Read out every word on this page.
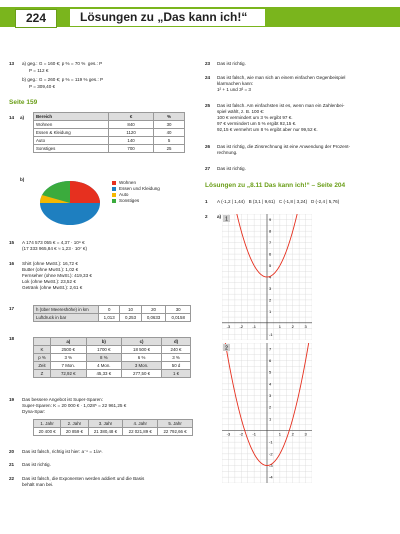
224	Lösungen zu „Das kann ich!“
13 a) geg.: G = 160 €; p % = 70 %  ges.: P
P = 112 €
b) geg.: G = 260 €; p % = 119 % ges.: P
P = 309,40 €
Seite 159
14 a)	Bereich	€	%
Wohnen	840	30
Essen & Kleidung	1120	40
Auto	140	5
Sonstiges	700	25
b)
Wohnen
Essen und Kleidung
Auto
Sonstiges
15 A 174 573 055 € = 4,37 · 10⁹ €
(17 333 965,84 € ≈ 1,23 · 10⁷ €)
16 Shirt (ohne MwSt.): 16,72 €
Butter (ohne MwSt.): 1,02 €
Fernseher (ohne MwSt.): 419,33 €
Lok (ohne MwSt.): 23,52 €
Getränk (ohne MwSt.): 2,61 €
17	h (über Meereshöhe) in km	0	10	20	30
Luftdruck in bar	1,013	0,253	0,0633	0,0158
18
	a)	b)	c)	d)
K	2500 €	1700 €	18 500 €	240 €
p %	3 %	8 %	6 %	3 %
Zeit	7 Mon.	4 Mon.	3 Mon.	50 d
Z	72,92 €	45,33 €	277,50 €	1 €
19 Das bessere Angebot ist Super-Sparen:
Super-Sparen: K = 20 000 € · 1,028⁵ = 22 961,25 €
Dyna-Spar:
1. Jahr	2. Jahr	3. Jahr	4. Jahr	5. Jahr
20 400 €	20 859 €	21 380,48 €	22 021,89 €	22 792,66 €
20 Das ist falsch, richtig ist hier: a⁻ⁿ = 1/aⁿ.
21 Das ist richtig.
22 Das ist falsch, die Exponenten werden addiert und die Basis
behält man bei.
23 Das ist richtig.
24 Das ist falsch, wie man sich an einem einfachen Gegenbeispiel
klarmachen kann:
1² + 1 und 3² = 3
25 Das ist falsch. Am einfachsten ist es, wenn man ein Zahlenbei-
spiel wählt, z. B. 100 €:
100 € vermindert um 3 % ergibt 97 €.
97 € vermindert um 5 % ergibt 92,15 €.
92,15 € vermehrt um 8 % ergibt aber nur 99,52 €.
26 Das ist richtig, die Zinsrechnung ist eine Anwendung der Prozent-
rechnung.
27 Das ist richtig.
Lösungen zu „8.11 Das kann ich!“ – Seite 204
1 A (-1,2 | 1,44)   B (3,1 | 9,61)   C (-1,8 | 3,24)   D (-2,4 | 5,76)
2 a)
-3 -2 -1	1	2	3
9
8
7
6
5
4
3
2
1
-1
1
-3 -2 -1	1	2	3
7
6
5
4
3
2
1
-1
-2
-3
-4
2
